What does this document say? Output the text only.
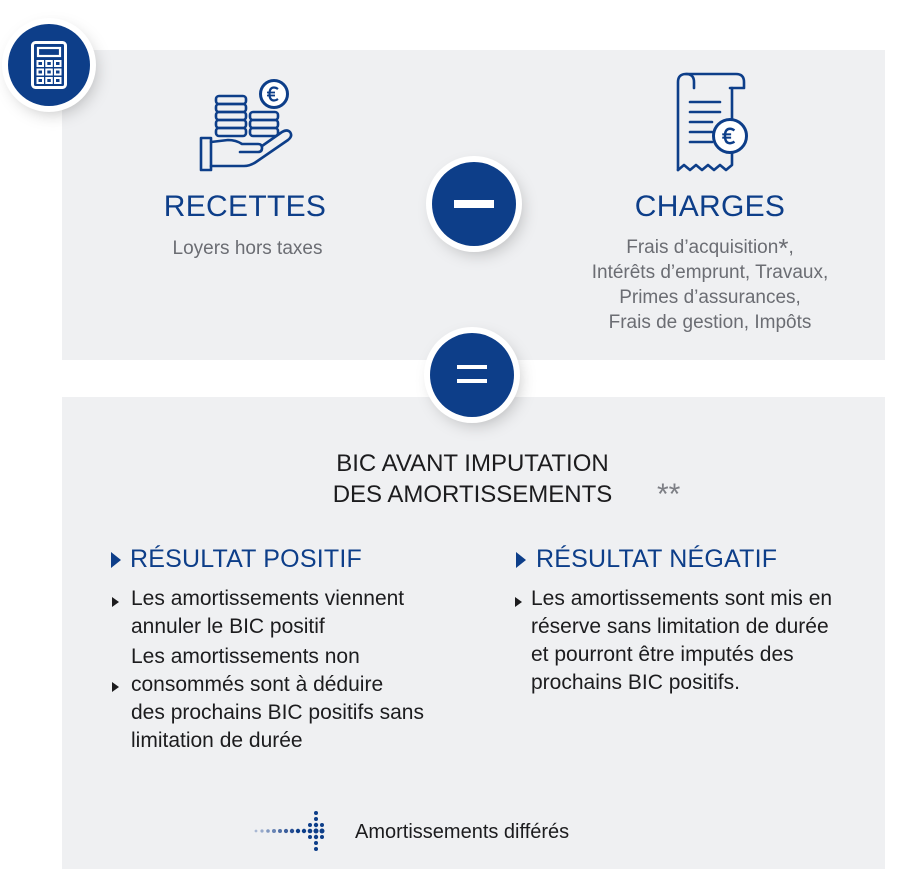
RECETTES
Loyers hors taxes
CHARGES
Frais d’acquisition*,
Intérêts d’emprunt, Travaux,
Primes d’assurances,
Frais de gestion, Impôts
BIC AVANT IMPUTATION
DES AMORTISSEMENTS	**
RÉSULTAT POSITIF
Les amortissements viennent
annuler le BIC positif
Les amortissements non
consommés sont à déduire
des prochains BIC positifs sans
limitation de durée
RÉSULTAT NÉGATIF
Les amortissements sont mis en
réserve sans limitation de durée
et pourront être imputés des
prochains BIC positifs.
Amortissements différés
